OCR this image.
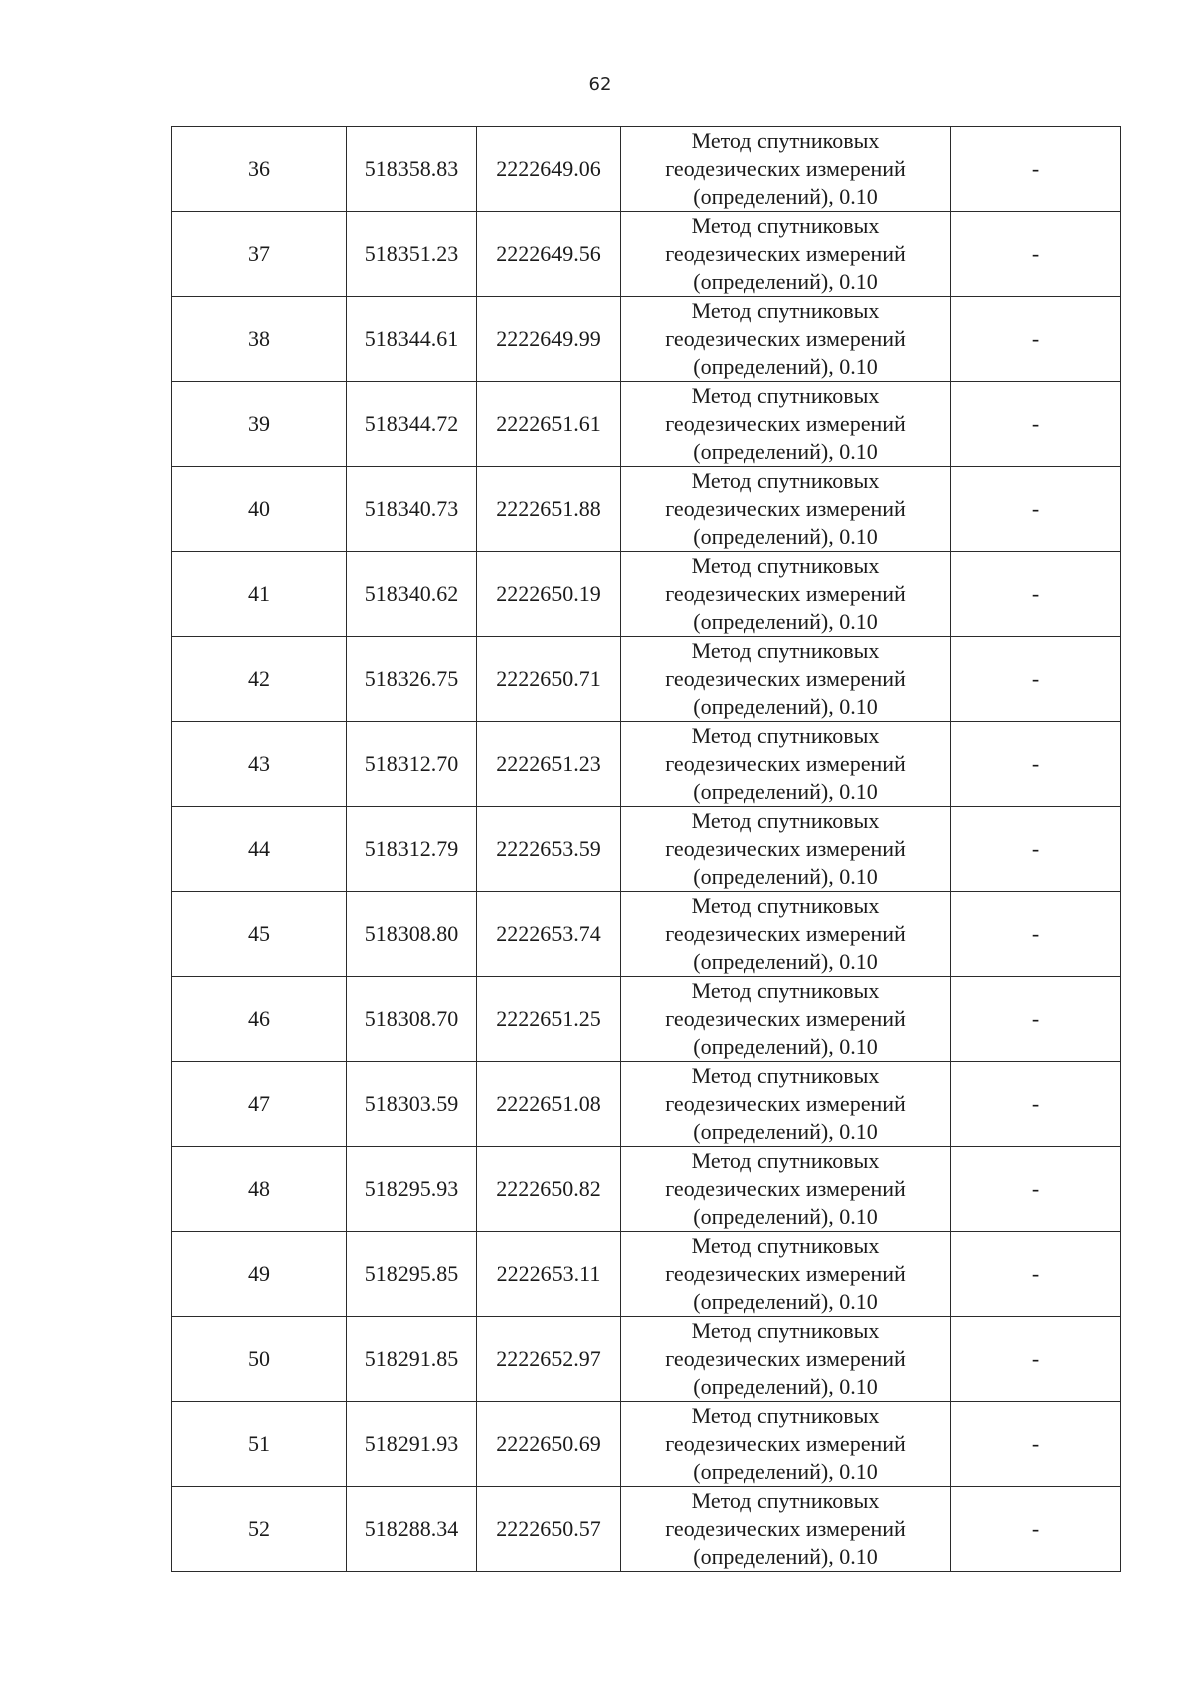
62
36	518358.83	2222649.06	Метод спутниковых
геодезических измерений
(определений), 0.10	-
37	518351.23	2222649.56	Метод спутниковых
геодезических измерений
(определений), 0.10	-
38	518344.61	2222649.99	Метод спутниковых
геодезических измерений
(определений), 0.10	-
39	518344.72	2222651.61	Метод спутниковых
геодезических измерений
(определений), 0.10	-
40	518340.73	2222651.88	Метод спутниковых
геодезических измерений
(определений), 0.10	-
41	518340.62	2222650.19	Метод спутниковых
геодезических измерений
(определений), 0.10	-
42	518326.75	2222650.71	Метод спутниковых
геодезических измерений
(определений), 0.10	-
43	518312.70	2222651.23	Метод спутниковых
геодезических измерений
(определений), 0.10	-
44	518312.79	2222653.59	Метод спутниковых
геодезических измерений
(определений), 0.10	-
45	518308.80	2222653.74	Метод спутниковых
геодезических измерений
(определений), 0.10	-
46	518308.70	2222651.25	Метод спутниковых
геодезических измерений
(определений), 0.10	-
47	518303.59	2222651.08	Метод спутниковых
геодезических измерений
(определений), 0.10	-
48	518295.93	2222650.82	Метод спутниковых
геодезических измерений
(определений), 0.10	-
49	518295.85	2222653.11	Метод спутниковых
геодезических измерений
(определений), 0.10	-
50	518291.85	2222652.97	Метод спутниковых
геодезических измерений
(определений), 0.10	-
51	518291.93	2222650.69	Метод спутниковых
геодезических измерений
(определений), 0.10	-
52	518288.34	2222650.57	Метод спутниковых
геодезических измерений
(определений), 0.10	-
